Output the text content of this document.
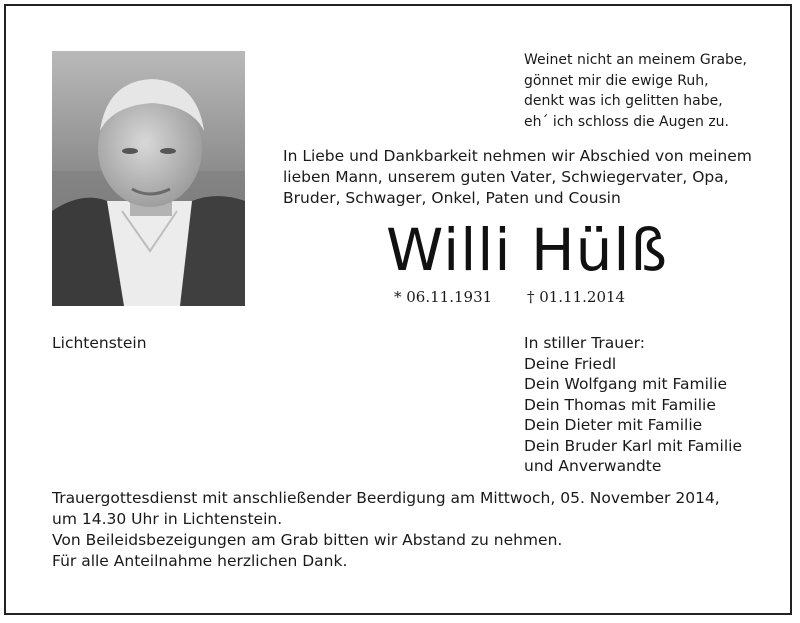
Weinet nicht an meinem Grabe,
gönnet mir die ewige Ruh,
denkt was ich gelitten habe,
eh´ ich schloss die Augen zu.
In Liebe und Dankbarkeit nehmen wir Abschied von meinem
lieben Mann, unserem guten Vater, Schwiegervater, Opa,
Bruder, Schwager, Onkel, Paten und Cousin
Willi Hülß
* 06.11.1931 † 01.11.2014
Lichtenstein	In stiller Trauer:
Deine Friedl
Dein Wolfgang mit Familie
Dein Thomas mit Familie
Dein Dieter mit Familie
Dein Bruder Karl mit Familie
und Anverwandte
Trauergottesdienst mit anschließender Beerdigung am Mittwoch, 05. November 2014,
um 14.30 Uhr in Lichtenstein.
Von Beileidsbezeigungen am Grab bitten wir Abstand zu nehmen.
Für alle Anteilnahme herzlichen Dank.
